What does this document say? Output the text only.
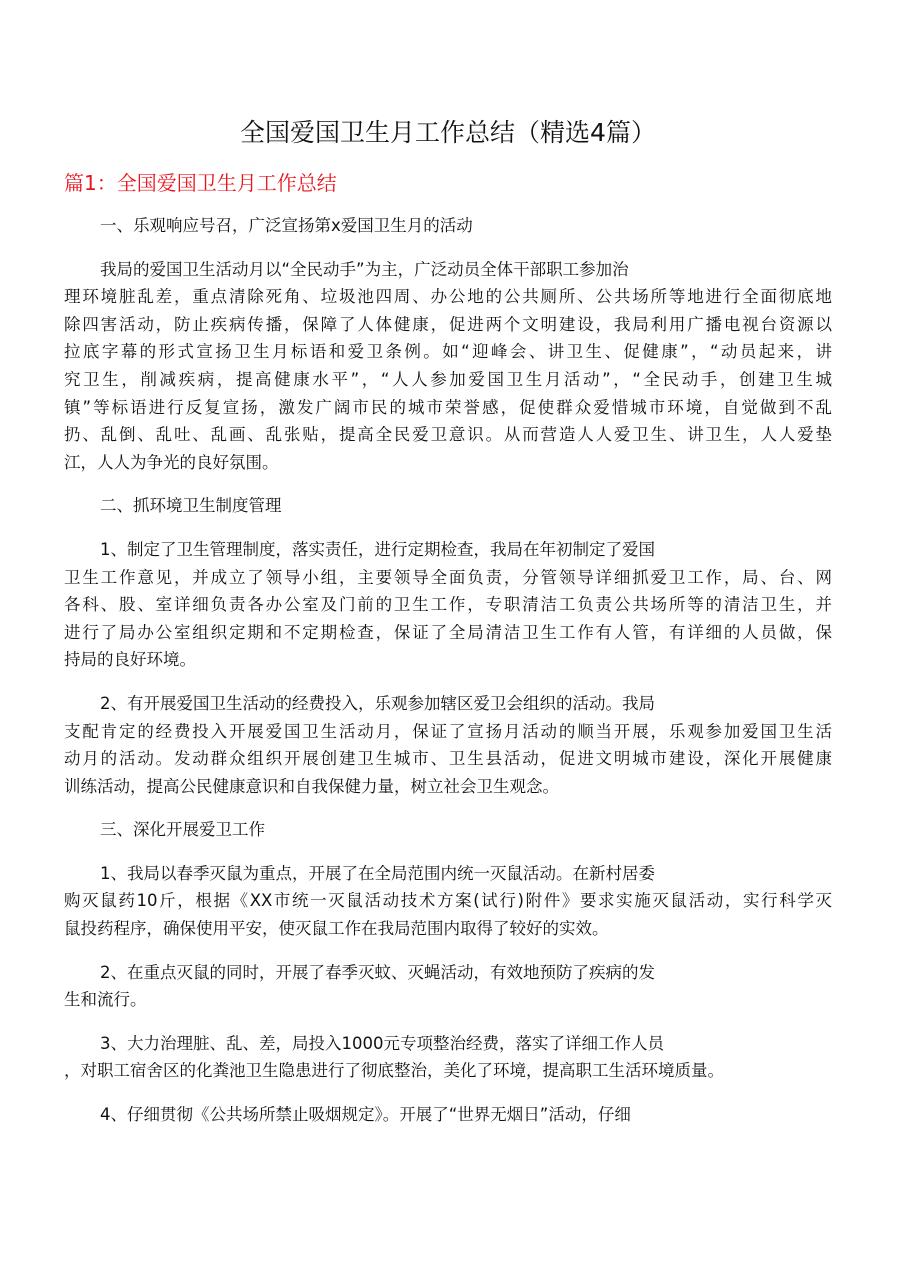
全国爱国卫生月工作总结（精选4篇）
篇1：全国爱国卫生月工作总结
一、乐观响应号召，广泛宣扬第x爱国卫生月的活动
我局的爱国卫生活动月以“全民动手”为主，广泛动员全体干部职工参加治
理环境脏乱差，重点清除死角、垃圾池四周、办公地的公共厕所、公共场所等地进行全面彻底地
除四害活动，防止疾病传播，保障了人体健康，促进两个文明建设，我局利用广播电视台资源以
拉底字幕的形式宣扬卫生月标语和爱卫条例。如“迎峰会、讲卫生、促健康”，“动员起来，讲
究卫生，削减疾病，提高健康水平”，“人人参加爱国卫生月活动”，“全民动手，创建卫生城
镇”等标语进行反复宣扬，激发广阔市民的城市荣誉感，促使群众爱惜城市环境，自觉做到不乱
扔、乱倒、乱吐、乱画、乱张贴，提高全民爱卫意识。从而营造人人爱卫生、讲卫生，人人爱垫
江，人人为争光的良好氛围。
二、抓环境卫生制度管理
1、制定了卫生管理制度，落实责任，进行定期检查，我局在年初制定了爱国
卫生工作意见，并成立了领导小组，主要领导全面负责，分管领导详细抓爱卫工作，局、台、网
各科、股、室详细负责各办公室及门前的卫生工作，专职清洁工负责公共场所等的清洁卫生，并
进行了局办公室组织定期和不定期检查，保证了全局清洁卫生工作有人管，有详细的人员做，保
持局的良好环境。
2、有开展爱国卫生活动的经费投入，乐观参加辖区爱卫会组织的活动。我局
支配肯定的经费投入开展爱国卫生活动月，保证了宣扬月活动的顺当开展，乐观参加爱国卫生活
动月的活动。发动群众组织开展创建卫生城市、卫生县活动，促进文明城市建设，深化开展健康
训练活动，提高公民健康意识和自我保健力量，树立社会卫生观念。
三、深化开展爱卫工作
1、我局以春季灭鼠为重点，开展了在全局范围内统一灭鼠活动。在新村居委
购灭鼠药10斤，根据《XX市统一灭鼠活动技术方案(试行)附件》要求实施灭鼠活动，实行科学灭
鼠投药程序，确保使用平安，使灭鼠工作在我局范围内取得了较好的实效。
2、在重点灭鼠的同时，开展了春季灭蚊、灭蝇活动，有效地预防了疾病的发
生和流行。
3、大力治理脏、乱、差，局投入1000元专项整治经费，落实了详细工作人员
，对职工宿舍区的化粪池卫生隐患进行了彻底整治，美化了环境，提高职工生活环境质量。
4、仔细贯彻《公共场所禁止吸烟规定》。开展了“世界无烟日”活动，仔细
